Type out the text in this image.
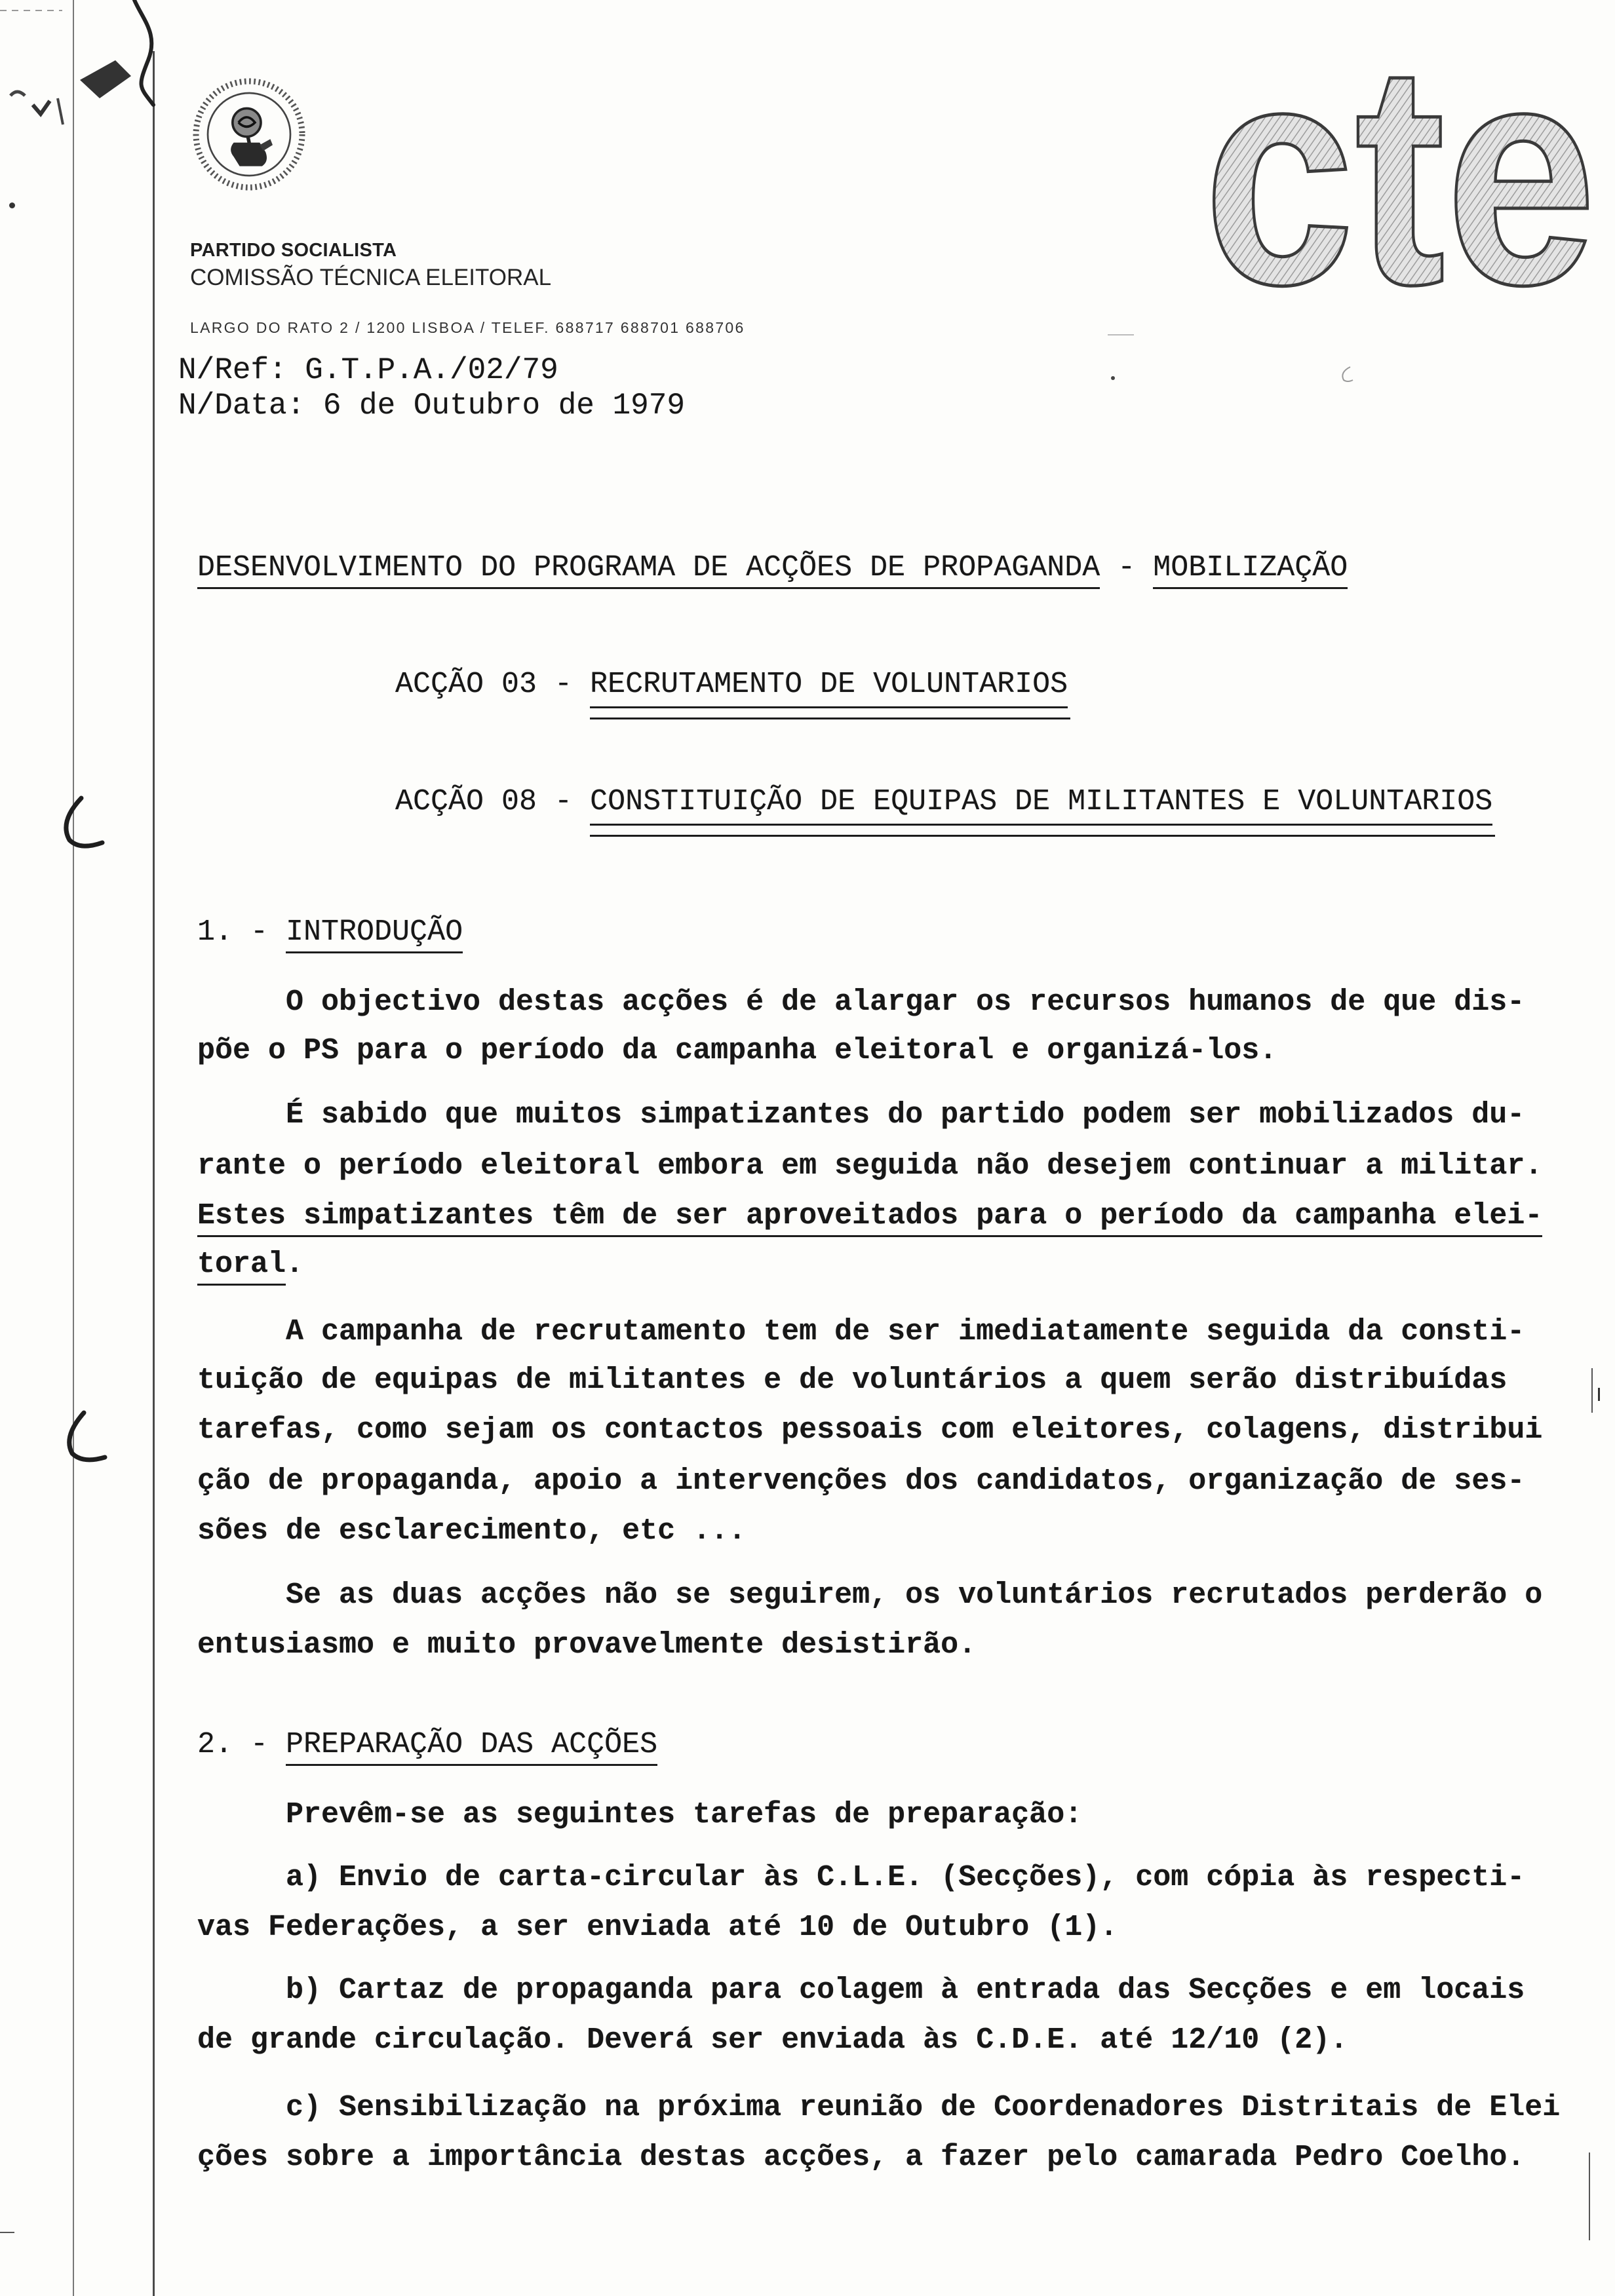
PARTIDO SOCIALISTA
COMISSÃO TÉCNICA ELEITORAL
LARGO DO RATO 2 / 1200 LISBOA / TELEF. 688717 688701 688706 cte
N/Ref: G.T.P.A./02/79
N/Data: 6 de Outubro de 1979
DESENVOLVIMENTO DO PROGRAMA DE ACÇÕES DE PROPAGANDA - MOBILIZAÇÃO
ACÇÃO 03 - RECRUTAMENTO DE VOLUNTARIOS
ACÇÃO 08 - CONSTITUIÇÃO DE EQUIPAS DE MILITANTES E VOLUNTARIOS
1. - INTRODUÇÃO
O objectivo destas acções é de alargar os recursos humanos de que dis-
põe o PS para o período da campanha eleitoral e organizá-los.
É sabido que muitos simpatizantes do partido podem ser mobilizados du-
rante o período eleitoral embora em seguida não desejem continuar a militar.
Estes simpatizantes têm de ser aproveitados para o período da campanha elei-
toral.
A campanha de recrutamento tem de ser imediatamente seguida da consti-
tuição de equipas de militantes e de voluntários a quem serão distribuídas
tarefas, como sejam os contactos pessoais com eleitores, colagens, distribui
ção de propaganda, apoio a intervenções dos candidatos, organização de ses-
sões de esclarecimento, etc ...
Se as duas acções não se seguirem, os voluntários recrutados perderão o
entusiasmo e muito provavelmente desistirão.
2. - PREPARAÇÃO DAS ACÇÕES
Prevêm-se as seguintes tarefas de preparação:
a) Envio de carta-circular às C.L.E. (Secções), com cópia às respecti-
vas Federações, a ser enviada até 10 de Outubro (1).
b) Cartaz de propaganda para colagem à entrada das Secções e em locais
de grande circulação. Deverá ser enviada às C.D.E. até 12/10 (2).
c) Sensibilização na próxima reunião de Coordenadores Distritais de Elei
ções sobre a importância destas acções, a fazer pelo camarada Pedro Coelho.
